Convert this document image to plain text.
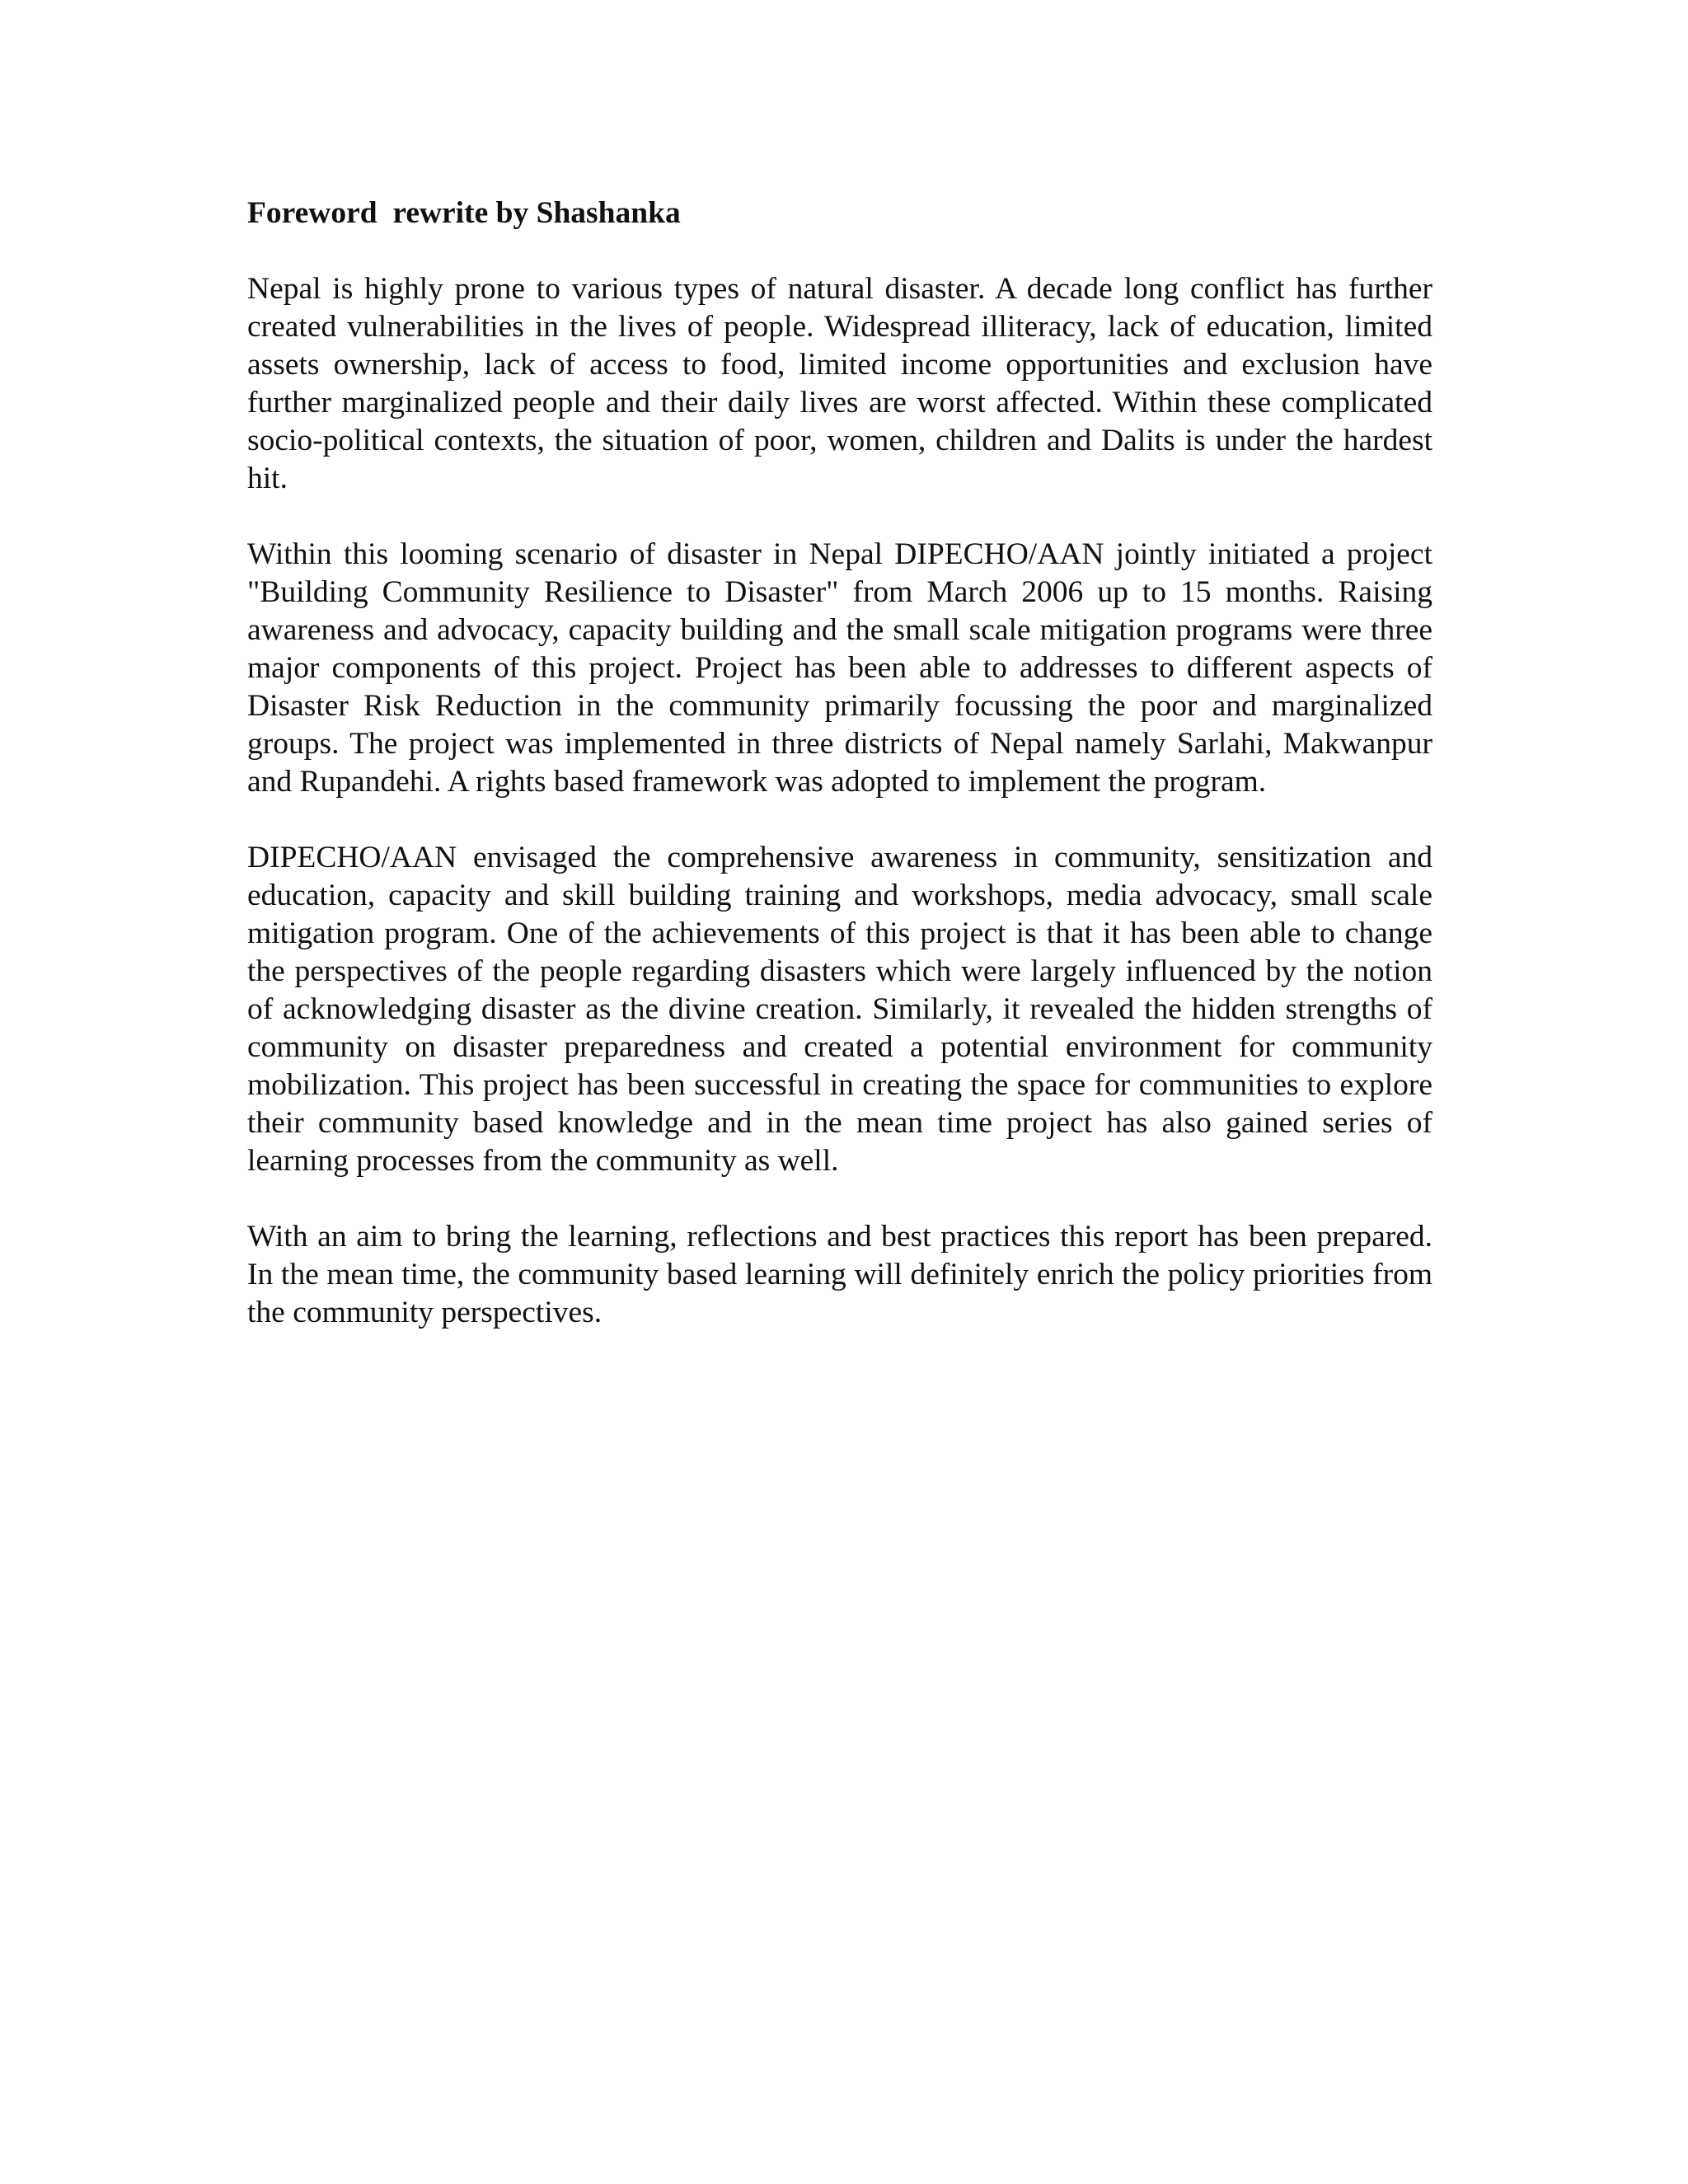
Foreword  rewrite by Shashanka

Nepal is highly prone to various types of natural disaster. A decade long conflict has further created vulnerabilities in the lives of people. Widespread illiteracy, lack of education, limited assets ownership, lack of access to food, limited income opportunities and exclusion have further marginalized people and their daily lives are worst affected. Within these complicated socio-political contexts, the situation of poor, women, children and Dalits is under the hardest hit.

Within this looming scenario of disaster in Nepal DIPECHO/AAN jointly initiated a project "Building Community Resilience to Disaster" from March 2006 up to 15 months. Raising awareness and advocacy, capacity building and the small scale mitigation programs were three major components of this project. Project has been able to addresses to different aspects of Disaster Risk Reduction in the community primarily focussing the poor and marginalized groups. The project was implemented in three districts of Nepal namely Sarlahi, Makwanpur and Rupandehi. A rights based framework was adopted to implement the program.

DIPECHO/AAN envisaged the comprehensive awareness in community, sensitization and education, capacity and skill building training and workshops, media advocacy, small scale mitigation program. One of the achievements of this project is that it has been able to change the perspectives of the people regarding disasters which were largely influenced by the notion of acknowledging disaster as the divine creation. Similarly, it revealed the hidden strengths of community on disaster preparedness and created a potential environment for community mobilization. This project has been successful in creating the space for communities to explore their community based knowledge and in the mean time project has also gained series of learning processes from the community as well.

With an aim to bring the learning, reflections and best practices this report has been prepared. In the mean time, the community based learning will definitely enrich the policy priorities from the community perspectives.
